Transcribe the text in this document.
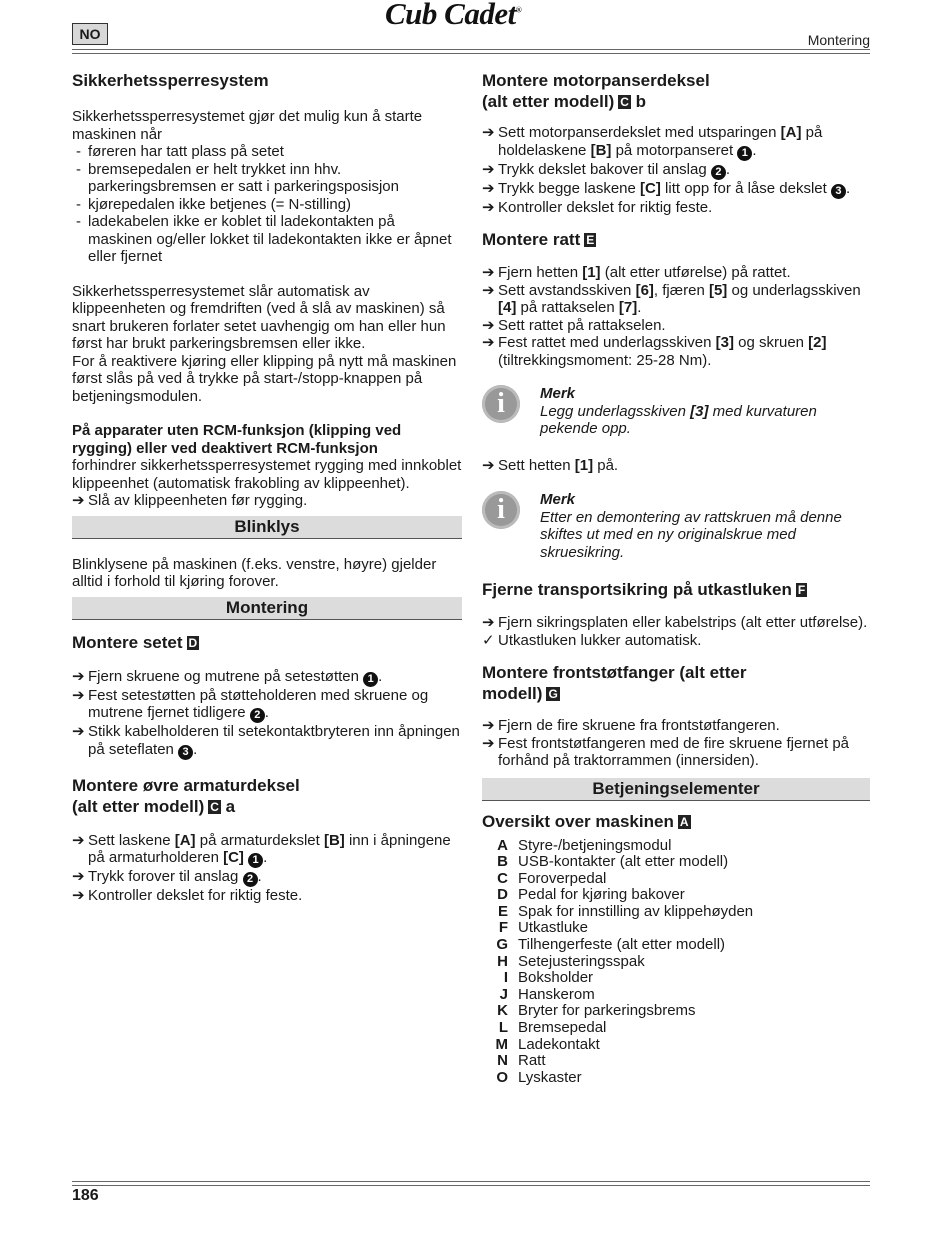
Cub Cadet®
NO	Montering

Sikkerhetssperresystem

Sikkerhetssperresystemet gjør det mulig kun å starte maskinen når

- føreren har tatt plass på setet
- bremsepedalen er helt trykket inn hhv. parkeringsbremsen er satt i parkeringsposisjon
- kjørepedalen ikke betjenes (= N-stilling)
- ladekabelen ikke er koblet til ladekontakten på maskinen og/eller lokket til ladekontakten ikke er åpnet eller fjernet

Sikkerhetssperresystemet slår automatisk av klippeenheten og fremdriften (ved å slå av maskinen) så snart brukeren forlater setet uavhengig om han eller hun først har brukt parkeringsbremsen eller ikke.

For å reaktivere kjøring eller klipping på nytt må maskinen først slås på ved å trykke på start-/stopp-knappen på betjeningsmodulen.

På apparater uten RCM-funksjon (klipping ved rygging) eller ved deaktivert RCM-funksjon

forhindrer sikkerhetssperresystemet rygging med innkoblet klippeenhet (automatisk frakobling av klippeenhet).

➔ Slå av klippeenheten før rygging.
Blinklys

Blinklysene på maskinen (f.eks. venstre, høyre) gjelder alltid i forhold til kjøring forover.

Montering

Montere setet D

➔ Fjern skruene og mutrene på setestøtten 1 .
➔ Fest setestøtten på støtteholderen med skruene og mutrene fjernet tidligere 2 .
➔ Stikk kabelholderen til setekontaktbryteren inn åpningen på seteflaten 3 .

Montere øvre armaturdeksel

(alt etter modell) C a

➔ Sett laskene [A] på armaturdekslet [B] inn i åpningene på armaturholderen [C] 1 .
➔ Trykk forover til anslag 2 .
➔ Kontroller dekslet for riktig feste.

Montere motorpanserdeksel

(alt etter modell) C b

➔ Sett motorpanserdekslet med utsparingen [A] på holdelaskene [B] på motorpanseret 1 .
➔ Trykk dekslet bakover til anslag 2 .
➔ Trykk begge laskene [C] litt opp for å låse dekslet 3 .
➔ Kontroller dekslet for riktig feste.

Montere ratt E

➔ Fjern hetten [1] (alt etter utførelse) på rattet.
➔ Sett avstandsskiven [6], fjæren [5] og underlagsskiven [4] på rattakselen [7].
➔ Sett rattet på rattakselen.
➔ Fest rattet med underlagsskiven [3] og skruen [2] (tiltrekkingsmoment: 25-28 Nm).
i	Merk
Legg underlagsskiven [3] med kurvaturen pekende opp.
➔ Sett hetten [1] på.
i	Merk
Etter en demontering av rattskruen må denne skiftes ut med en ny originalskrue med skruesikring.

Fjerne transportsikring på utkastluken F

➔ Fjern sikringsplaten eller kabelstrips (alt etter utførelse).
✓ Utkastluken lukker automatisk.

Montere frontstøtfanger (alt etter

modell) G

➔ Fjern de fire skruene fra frontstøtfangeren.
➔ Fest frontstøtfangeren med de fire skruene fjernet på forhånd på traktorrammen (innersiden).
Betjeningselementer

Oversikt over maskinen A

A Styre-/betjeningsmodul
B USB-kontakter (alt etter modell)
C Foroverpedal
D Pedal for kjøring bakover
E Spak for innstilling av klippehøyden
F Utkastluke
G Tilhengerfeste (alt etter modell)
H Setejusteringsspak
I Boksholder
J Hanskerom
K Bryter for parkeringsbrems
L Bremsepedal
M Ladekontakt
N Ratt
O Lyskaster
186
